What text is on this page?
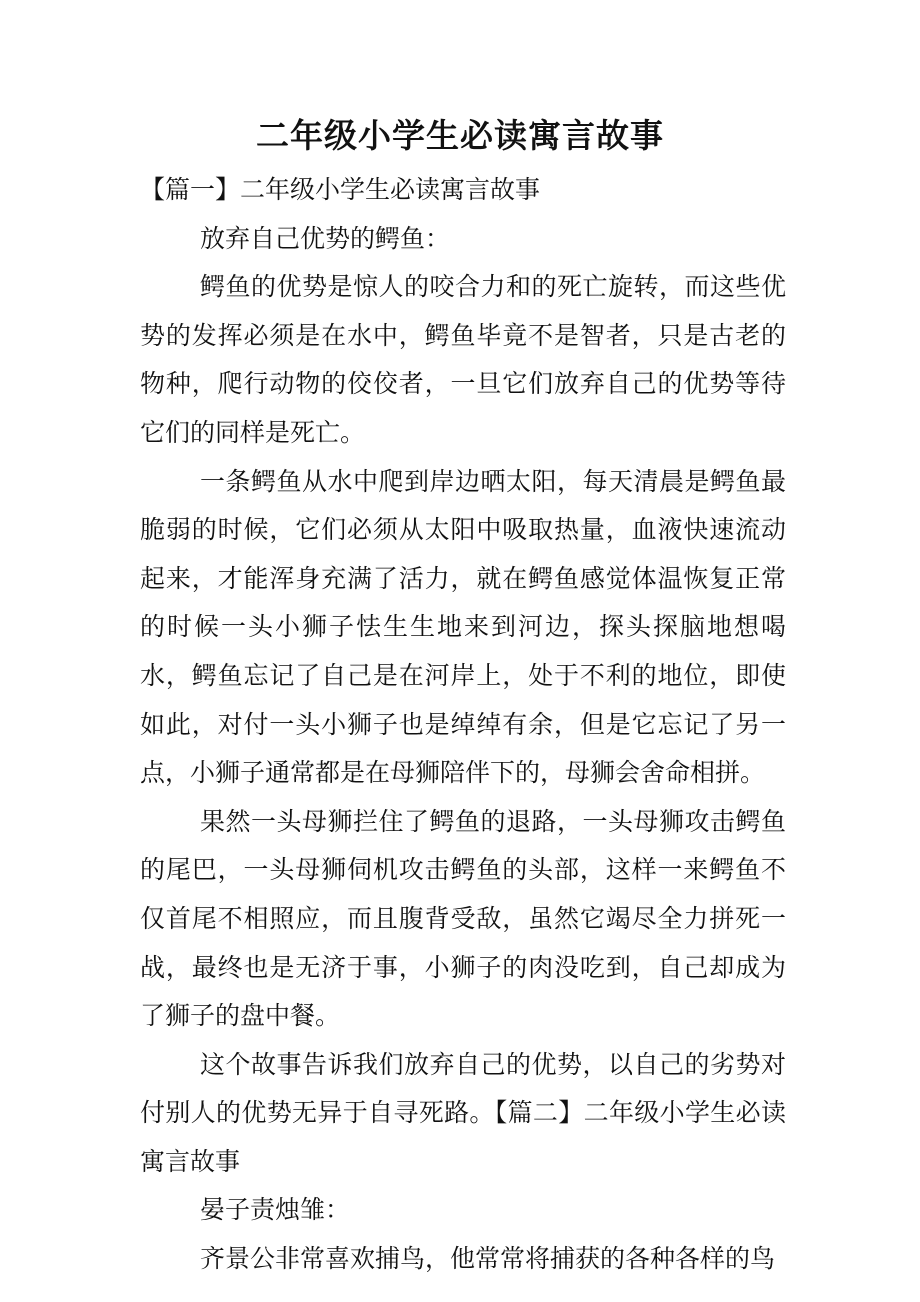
二年级小学生必读寓言故事

【篇一】二年级小学生必读寓言故事

放弃自己优势的鳄鱼：

鳄鱼的优势是惊人的咬合力和的死亡旋转，而这些优势的发挥必须是在水中，鳄鱼毕竟不是智者，只是古老的物种，爬行动物的佼佼者，一旦它们放弃自己的优势等待它们的同样是死亡。

一条鳄鱼从水中爬到岸边晒太阳，每天清晨是鳄鱼最脆弱的时候，它们必须从太阳中吸取热量，血液快速流动起来，才能浑身充满了活力，就在鳄鱼感觉体温恢复正常的时候一头小狮子怯生生地来到河边，探头探脑地想喝水，鳄鱼忘记了自己是在河岸上，处于不利的地位，即使如此，对付一头小狮子也是绰绰有余，但是它忘记了另一点，小狮子通常都是在母狮陪伴下的，母狮会舍命相拼。

果然一头母狮拦住了鳄鱼的退路，一头母狮攻击鳄鱼的尾巴，一头母狮伺机攻击鳄鱼的头部，这样一来鳄鱼不仅首尾不相照应，而且腹背受敌，虽然它竭尽全力拼死一战，最终也是无济于事，小狮子的肉没吃到，自己却成为了狮子的盘中餐。

这个故事告诉我们放弃自己的优势，以自己的劣势对付别人的优势无异于自寻死路。【篇二】二年级小学生必读寓言故事

晏子责烛雏：

齐景公非常喜欢捕鸟，他常常将捕获的各种各样的鸟
